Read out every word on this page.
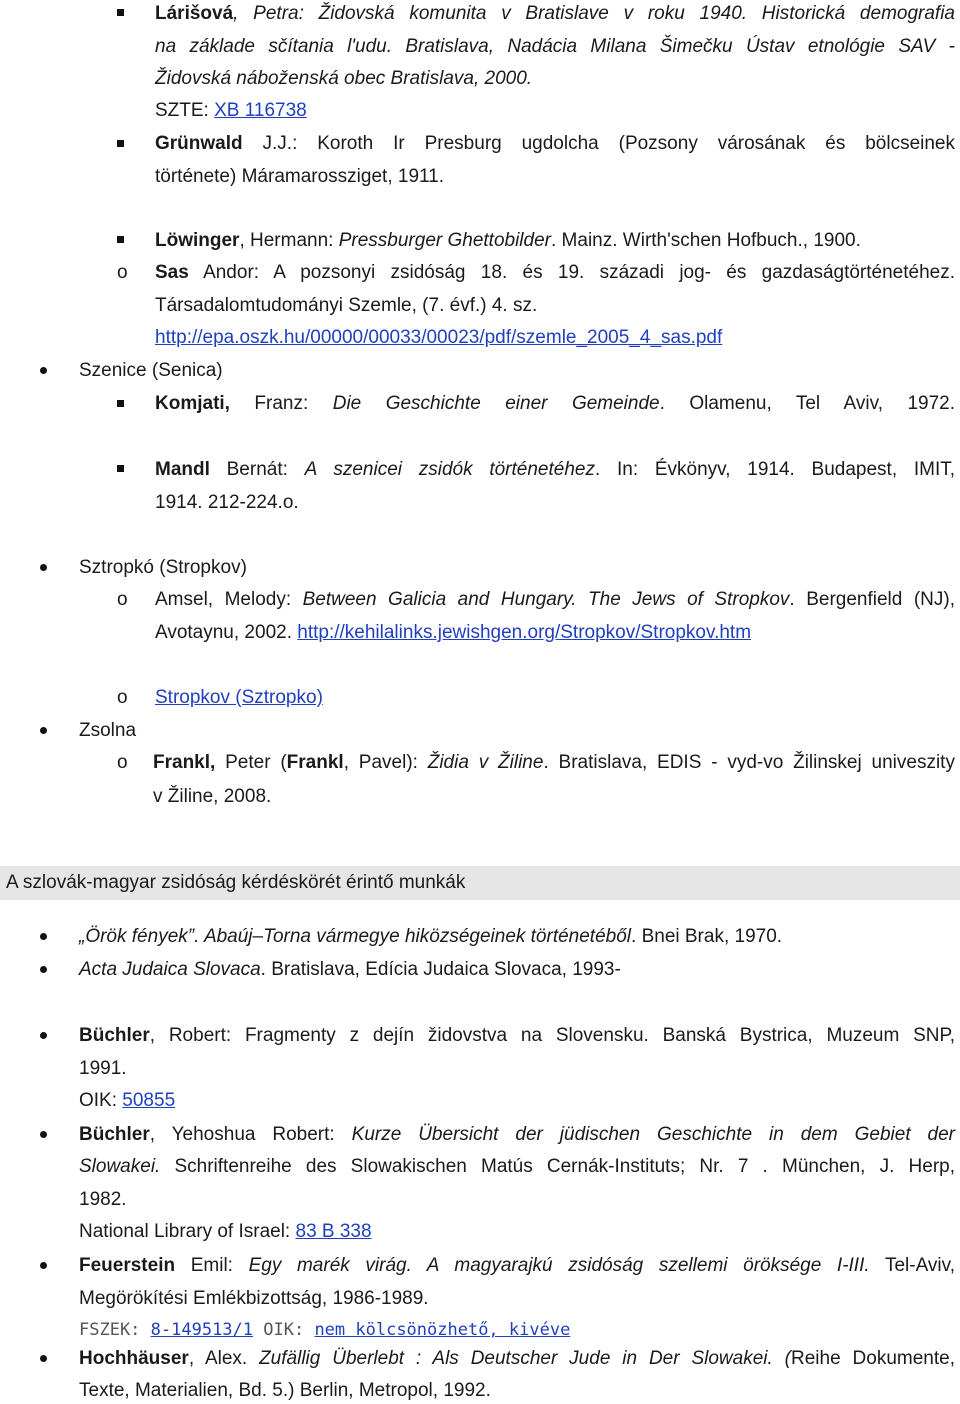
Lárišová, Petra: Židovská komunita v Bratislave v roku 1940. Historická demografia
na základe sčítania l'udu. Bratislava, Nadácia Milana Šimečku Ústav etnológie SAV -
Židovská náboženská obec Bratislava, 2000.
SZTE: XB 116738
Grünwald J.J.: Koroth Ir Presburg ugdolcha (Pozsony városának és bölcseinek
története) Máramarossziget, 1911.
Löwinger, Hermann: Pressburger Ghettobilder. Mainz. Wirth'schen Hofbuch., 1900.
o Sas Andor: A pozsonyi zsidóság 18. és 19. századi jog- és gazdaságtörténetéhez.
Társadalomtudományi Szemle, (7. évf.) 4. sz.
http://epa.oszk.hu/00000/00033/00023/pdf/szemle_2005_4_sas.pdf
Szenice (Senica)
Komjati, Franz: Die Geschichte einer Gemeinde. Olamenu, Tel Aviv, 1972.
Mandl Bernát: A szenicei zsidók történetéhez. In: Évkönyv, 1914. Budapest, IMIT,
1914. 212-224.o.
Sztropkó (Stropkov)
o Amsel, Melody: Between Galicia and Hungary. The Jews of Stropkov. Bergenfield (NJ),
Avotaynu, 2002. http://kehilalinks.jewishgen.org/Stropkov/Stropkov.htm
o Stropkov (Sztropko)
Zsolna
o Frankl, Peter (Frankl, Pavel): Židia v Žiline. Bratislava, EDIS - vyd-vo Žilinskej univeszity
v Žiline, 2008.
A szlovák-magyar zsidóság kérdéskörét érintő munkák
„Örök fények”. Abaúj–Torna vármegye hiközségeinek történetéből. Bnei Brak, 1970.
Acta Judaica Slovaca. Bratislava, Edícia Judaica Slovaca, 1993-
Büchler, Robert: Fragmenty z dejín židovstva na Slovensku. Banská Bystrica, Muzeum SNP,
1991.
OIK: 50855
Büchler, Yehoshua Robert: Kurze Übersicht der jüdischen Geschichte in dem Gebiet der
Slowakei. Schriftenreihe des Slowakischen Matús Cernák-Instituts; Nr. 7 . München, J. Herp,
1982.
National Library of Israel: 83 B 338
Feuerstein Emil: Egy marék virág. A magyarajkú zsidóság szellemi öröksége I-III. Tel-Aviv,
Megörökítési Emlékbizottság, 1986-1989.
FSZEK: 8-149513/1 OIK: nem kölcsönözhető, kivéve
Hochhäuser, Alex. Zufällig Überlebt : Als Deutscher Jude in Der Slowakei. (Reihe Dokumente,
Texte, Materialien, Bd. 5.) Berlin, Metropol, 1992.
